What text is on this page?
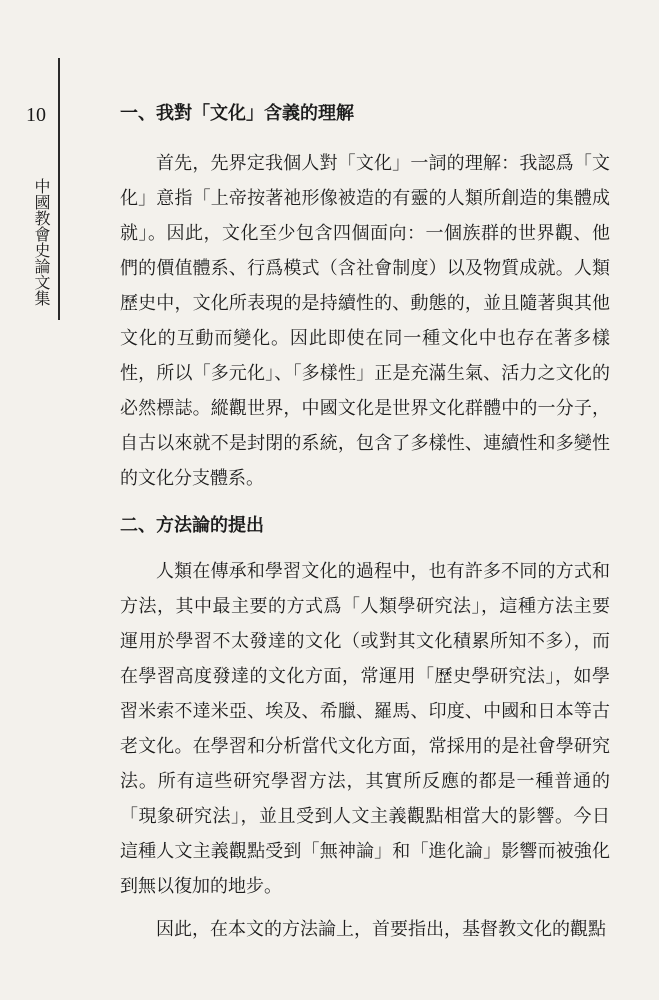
10
中國教會史論文集
一、我對「文化」含義的理解

首先，先界定我個人對「文化」一詞的理解：我認爲「文化」意指「上帝按著祂形像被造的有靈的人類所創造的集體成就」。因此，文化至少包含四個面向：一個族群的世界觀、他們的價值體系、行爲模式（含社會制度）以及物質成就。人類歷史中，文化所表現的是持續性的、動態的，並且隨著與其他文化的互動而變化。因此即使在同一種文化中也存在著多樣性，所以「多元化」、「多樣性」正是充滿生氣、活力之文化的必然標誌。縱觀世界，中國文化是世界文化群體中的一分子，自古以來就不是封閉的系統，包含了多樣性、連續性和多變性的文化分支體系。

二、方法論的提出

人類在傳承和學習文化的過程中，也有許多不同的方式和方法，其中最主要的方式爲「人類學研究法」，這種方法主要運用於學習不太發達的文化（或對其文化積累所知不多），而在學習高度發達的文化方面，常運用「歷史學研究法」，如學習米索不達米亞、埃及、希臘、羅馬、印度、中國和日本等古老文化。在學習和分析當代文化方面，常採用的是社會學研究法。所有這些研究學習方法，其實所反應的都是一種普通的「現象研究法」，並且受到人文主義觀點相當大的影響。今日這種人文主義觀點受到「無神論」和「進化論」影響而被強化到無以復加的地步。

因此，在本文的方法論上，首要指出，基督教文化的觀點
